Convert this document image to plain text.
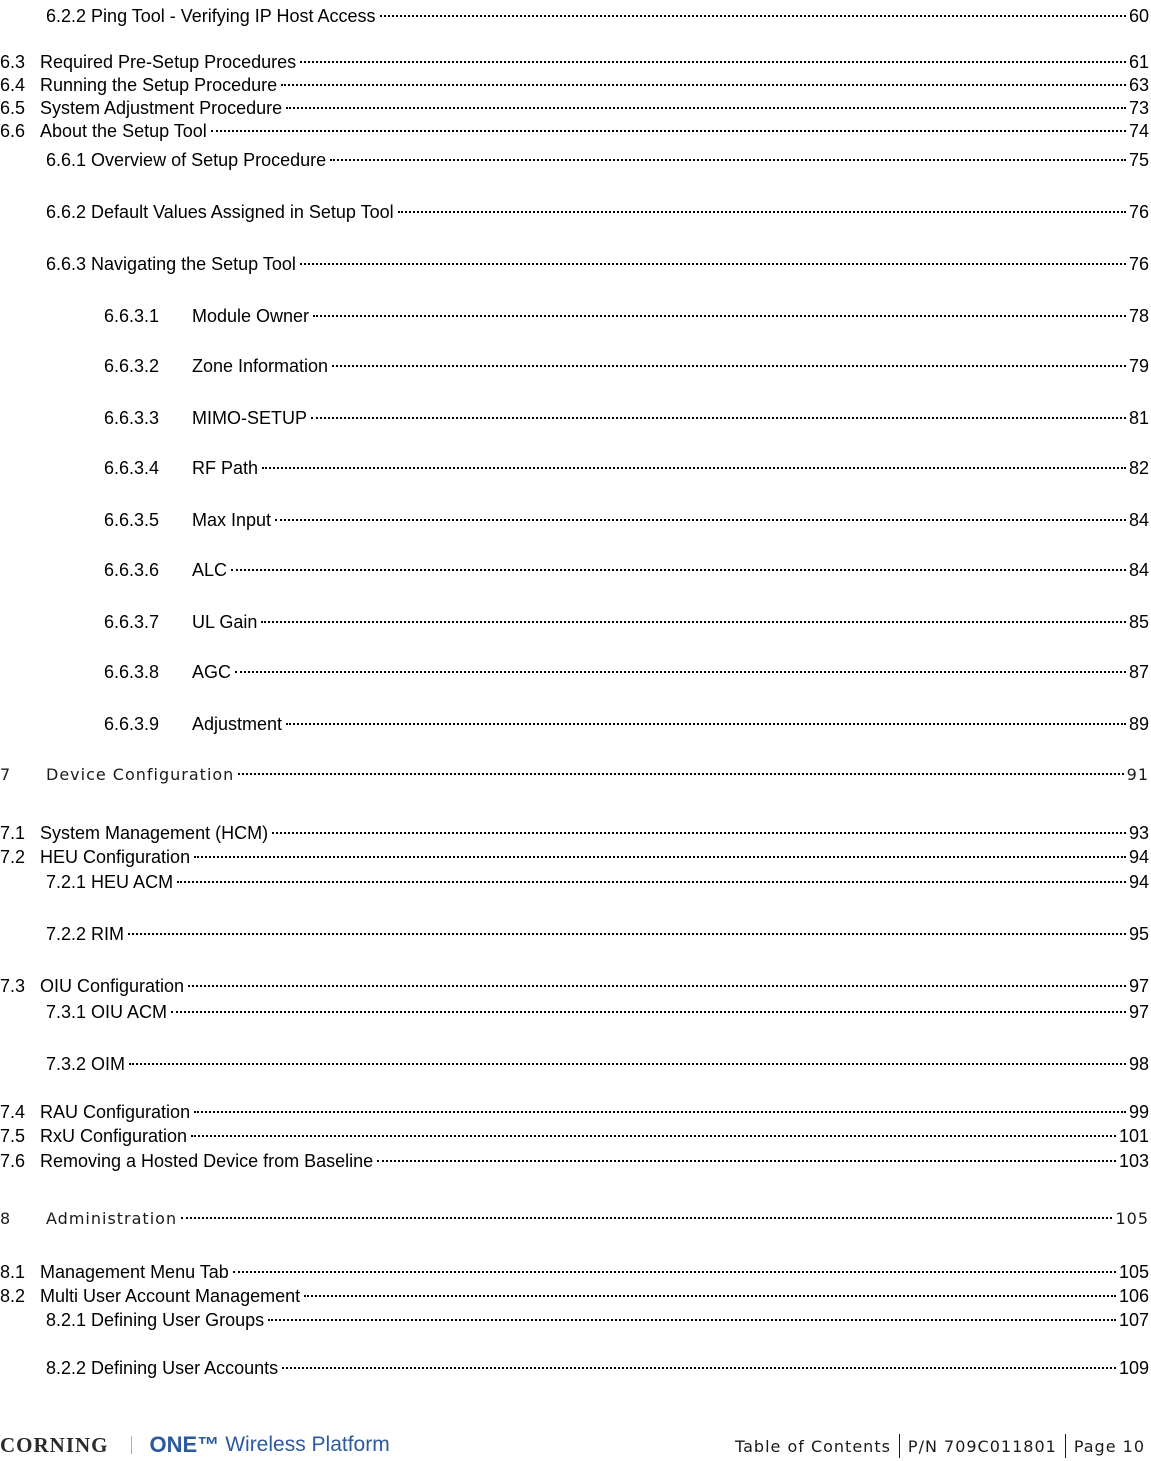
6.2.2 Ping Tool - Verifying IP Host Access	60
6.3 Required Pre-Setup Procedures	61
6.4 Running the Setup Procedure	63
6.5 System Adjustment Procedure	73
6.6 About the Setup Tool	74
6.6.1 Overview of Setup Procedure	75
6.6.2 Default Values Assigned in Setup Tool	76
6.6.3 Navigating the Setup Tool	76
6.6.3.1	Module Owner	78
6.6.3.2	Zone Information	79
6.6.3.3	MIMO-SETUP	81
6.6.3.4	RF Path	82
6.6.3.5	Max Input	84
6.6.3.6	ALC	84
6.6.3.7	UL Gain	85
6.6.3.8	AGC	87
6.6.3.9	Adjustment	89
7	Device Configuration	91
7.1 System Management (HCM)	93
7.2 HEU Configuration	94
7.2.1 HEU ACM	94
7.2.2 RIM	95
7.3 OIU Configuration	97
7.3.1 OIU ACM	97
7.3.2 OIM	98
7.4 RAU Configuration	99
7.5 RxU Configuration	101
7.6 Removing a Hosted Device from Baseline	103
8	Administration	105
8.1 Management Menu Tab	105
8.2 Multi User Account Management	106
8.2.1 Defining User Groups	107
8.2.2 Defining User Accounts	109
CORNING ONE™ Wireless Platform	Table of Contents P/N 709C011801 Page 10
